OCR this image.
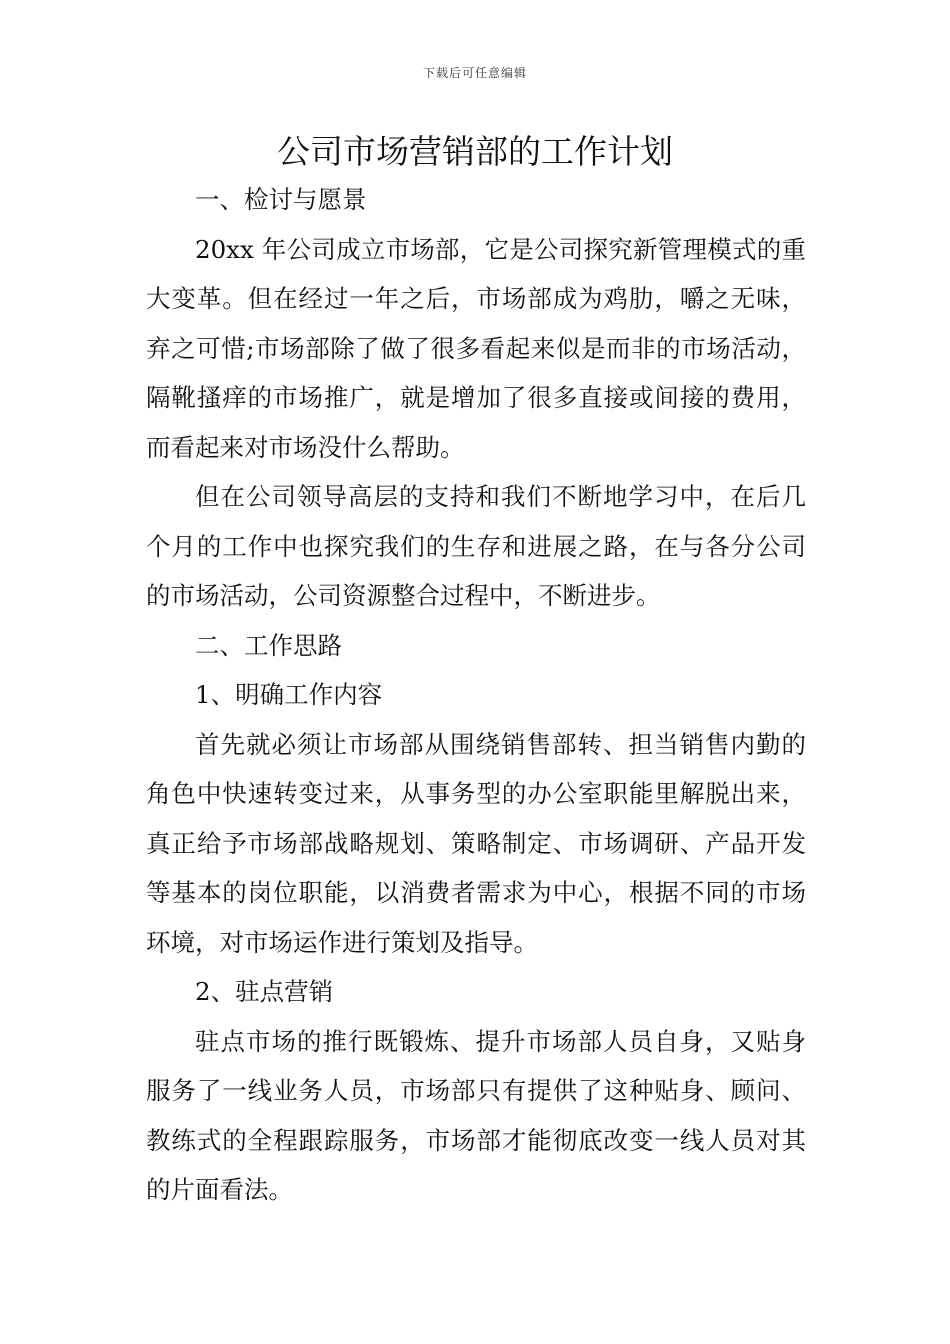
下载后可任意编辑
公司市场营销部的工作计划

一、检讨与愿景

20xx 年公司成立市场部，它是公司探究新管理模式的重大变革。但在经过一年之后，市场部成为鸡肋，嚼之无味，弃之可惜;市场部除了做了很多看起来似是而非的市场活动，隔靴搔痒的市场推广，就是增加了很多直接或间接的费用，而看起来对市场没什么帮助。

但在公司领导高层的支持和我们不断地学习中，在后几个月的工作中也探究我们的生存和进展之路，在与各分公司的市场活动，公司资源整合过程中，不断进步。

二、工作思路

1、明确工作内容

首先就必须让市场部从围绕销售部转、担当销售内勤的角色中快速转变过来，从事务型的办公室职能里解脱出来，真正给予市场部战略规划、策略制定、市场调研、产品开发等基本的岗位职能，以消费者需求为中心，根据不同的市场环境，对市场运作进行策划及指导。

2、驻点营销

驻点市场的推行既锻炼、提升市场部人员自身，又贴身服务了一线业务人员，市场部只有提供了这种贴身、顾问、教练式的全程跟踪服务，市场部才能彻底改变一线人员对其的片面看法。
